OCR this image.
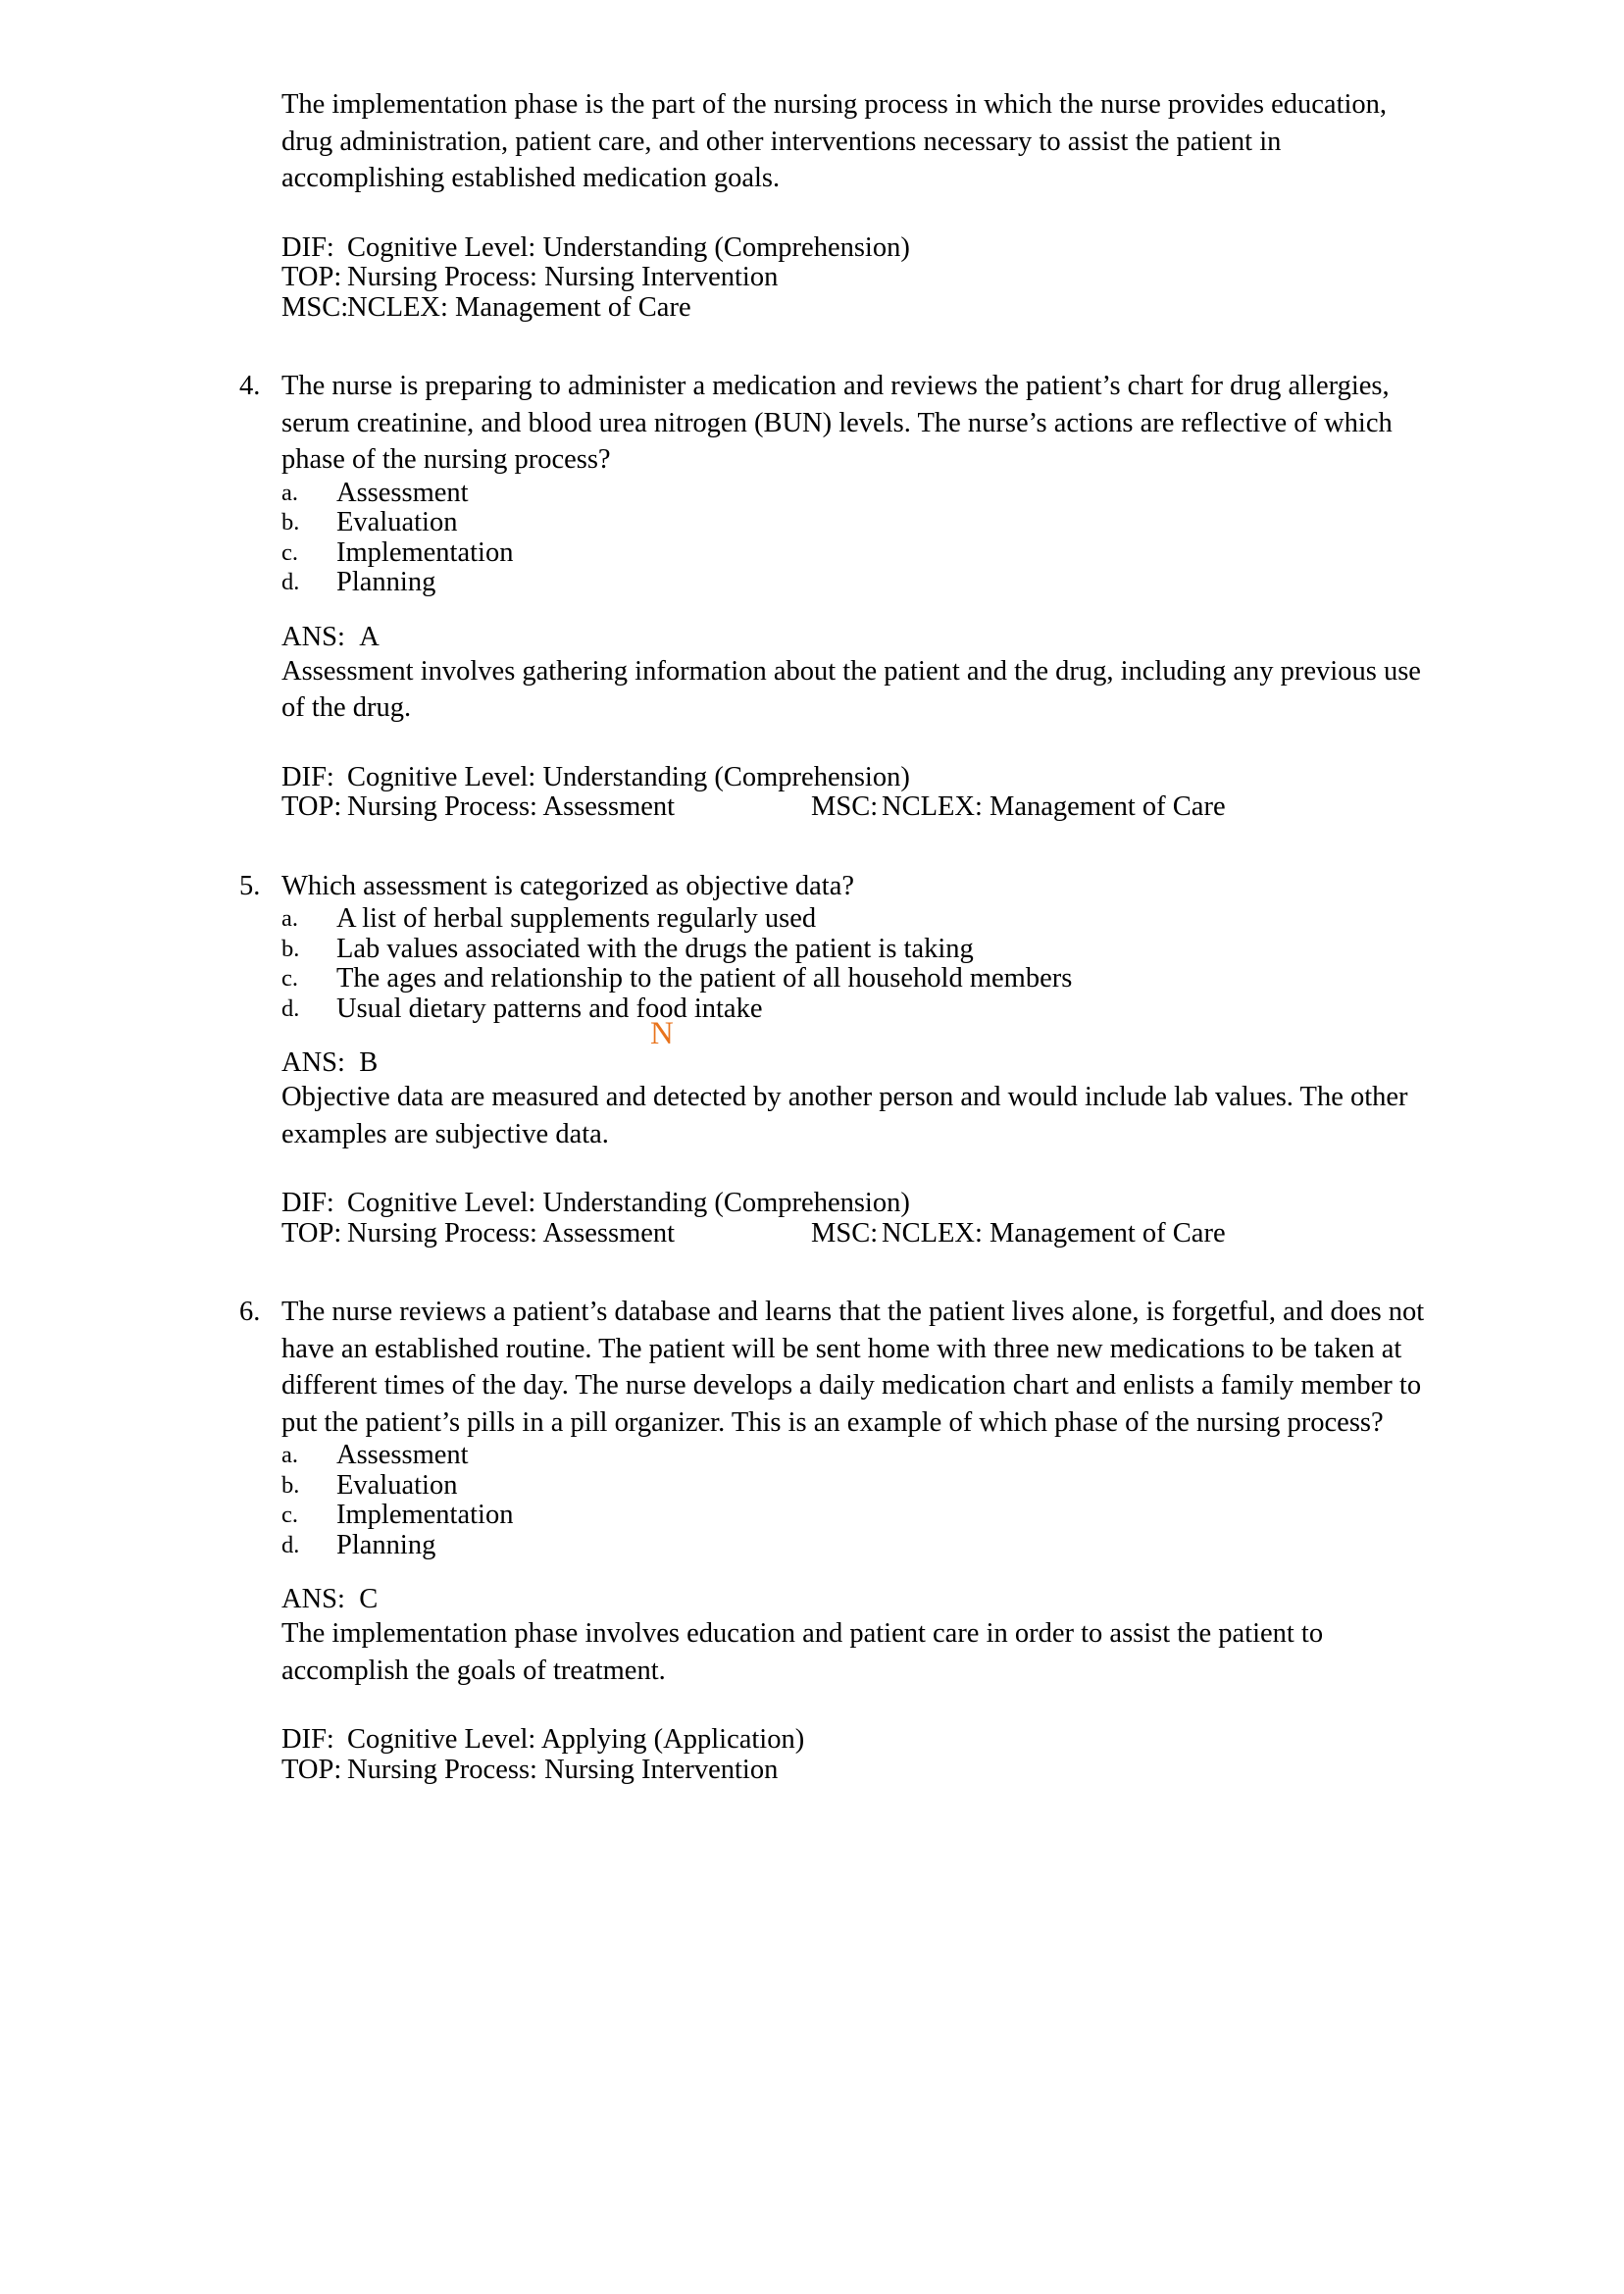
The implementation phase is the part of the nursing process in which the nurse provides education, drug administration, patient care, and other interventions necessary to assist the patient in accomplishing established medication goals.

DIF: Cognitive Level: Understanding (Comprehension)
TOP: Nursing Process: Nursing Intervention
MSC:NCLEX: Management of Care
4. The nurse is preparing to administer a medication and reviews the patient’s chart for drug allergies, serum creatinine, and blood urea nitrogen (BUN) levels. The nurse’s actions are reflective of which phase of the nursing process?
a. Assessment
b. Evaluation
c. Implementation
d. Planning
ANS: A

Assessment involves gathering information about the patient and the drug, including any previous use of the drug.

DIF: Cognitive Level: Understanding (Comprehension)
TOP: Nursing Process: Assessment	MSC: NCLEX: Management of Care
5. Which assessment is categorized as objective data?
a. A list of herbal supplements regularly used
b. Lab values associated with the drugs the patient is taking
c. The ages and relationship to the patient of all household members
d. Usual dietary patterns and food intake
ANS: B

Objective data are measured and detected by another person and would include lab values. The other examples are subjective data.

DIF: Cognitive Level: Understanding (Comprehension)
TOP: Nursing Process: Assessment	MSC: NCLEX: Management of Care
6. The nurse reviews a patient’s database and learns that the patient lives alone, is forgetful, and does not have an established routine. The patient will be sent home with three new medications to be taken at different times of the day. The nurse develops a daily medication chart and enlists a family member to put the patient’s pills in a pill organizer. This is an example of which phase of the nursing process?
a. Assessment
b. Evaluation
c. Implementation
d. Planning
ANS: C

The implementation phase involves education and patient care in order to assist the patient to accomplish the goals of treatment.

DIF: Cognitive Level: Applying (Application)
TOP: Nursing Process: Nursing Intervention
N
